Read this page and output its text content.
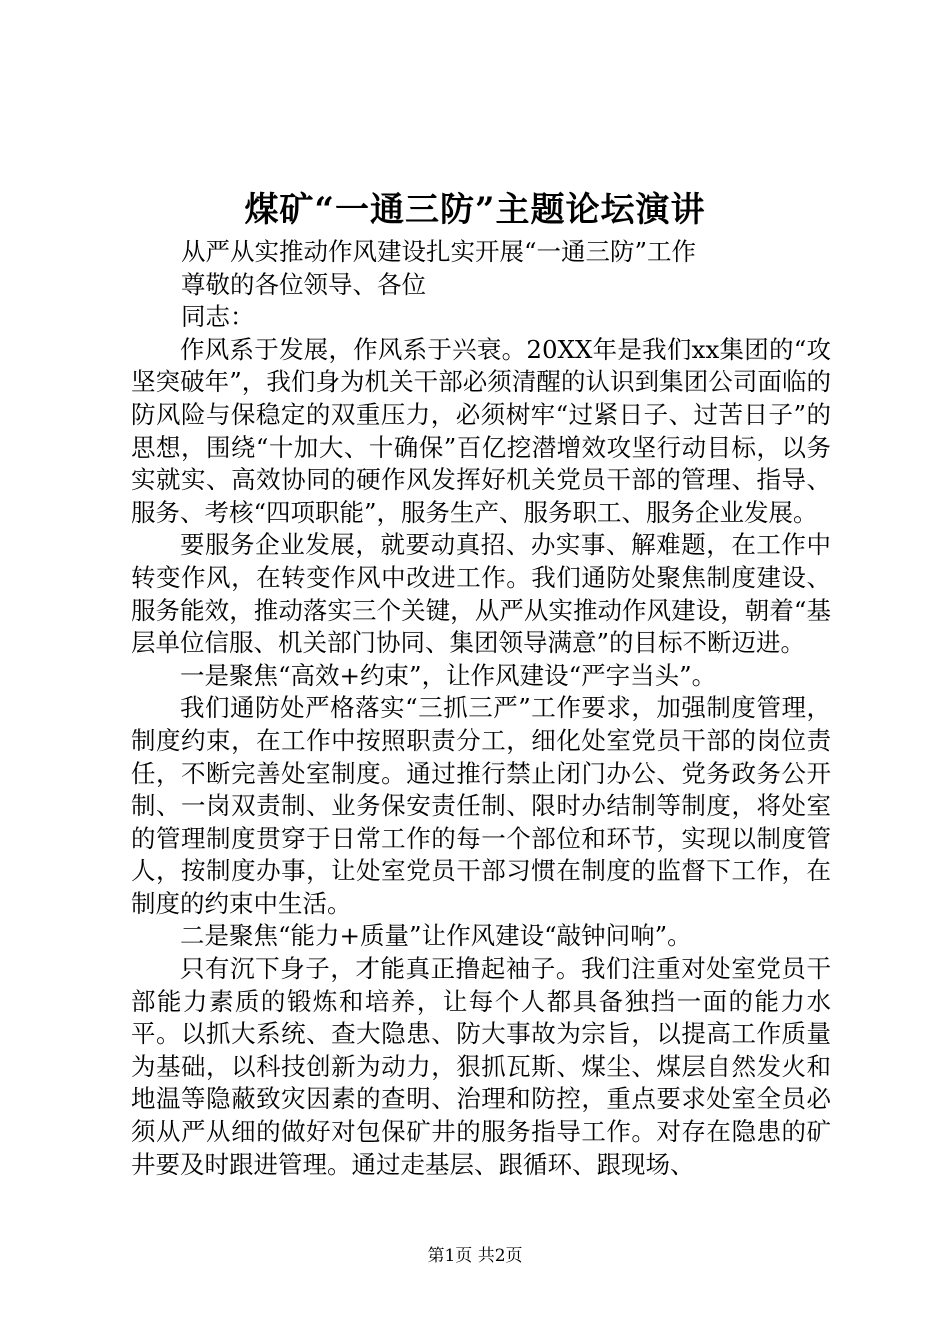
煤矿“一通三防”主题论坛演讲

从严从实推动作风建设扎实开展“一通三防”工作

尊敬的各位领导、各位

同志：

作风系于发展，作风系于兴衰。20XX年是我们xx集团的“攻坚突破年”，我们身为机关干部必须清醒的认识到集团公司面临的防风险与保稳定的双重压力，必须树牢“过紧日子、过苦日子”的思想，围绕“十加大、十确保”百亿挖潜增效攻坚行动目标，以务实就实、高效协同的硬作风发挥好机关党员干部的管理、指导、服务、考核“四项职能”，服务生产、服务职工、服务企业发展。

要服务企业发展，就要动真招、办实事、解难题，在工作中转变作风，在转变作风中改进工作。我们通防处聚焦制度建设、服务能效，推动落实三个关键，从严从实推动作风建设，朝着“基层单位信服、机关部门协同、集团领导满意”的目标不断迈进。

一是聚焦“高效+约束”，让作风建设“严字当头”。

我们通防处严格落实“三抓三严”工作要求，加强制度管理，制度约束，在工作中按照职责分工，细化处室党员干部的岗位责任，不断完善处室制度。通过推行禁止闭门办公、党务政务公开制、一岗双责制、业务保安责任制、限时办结制等制度，将处室的管理制度贯穿于日常工作的每一个部位和环节，实现以制度管人，按制度办事，让处室党员干部习惯在制度的监督下工作，在制度的约束中生活。

二是聚焦“能力+质量”让作风建设“敲钟问响”。

只有沉下身子，才能真正撸起袖子。我们注重对处室党员干部能力素质的锻炼和培养，让每个人都具备独挡一面的能力水平。以抓大系统、查大隐患、防大事故为宗旨，以提高工作质量为基础，以科技创新为动力，狠抓瓦斯、煤尘、煤层自然发火和地温等隐蔽致灾因素的查明、治理和防控，重点要求处室全员必须从严从细的做好对包保矿井的服务指导工作。对存在隐患的矿井要及时跟进管理。通过走基层、跟循环、跟现场、

第1页 共2页
